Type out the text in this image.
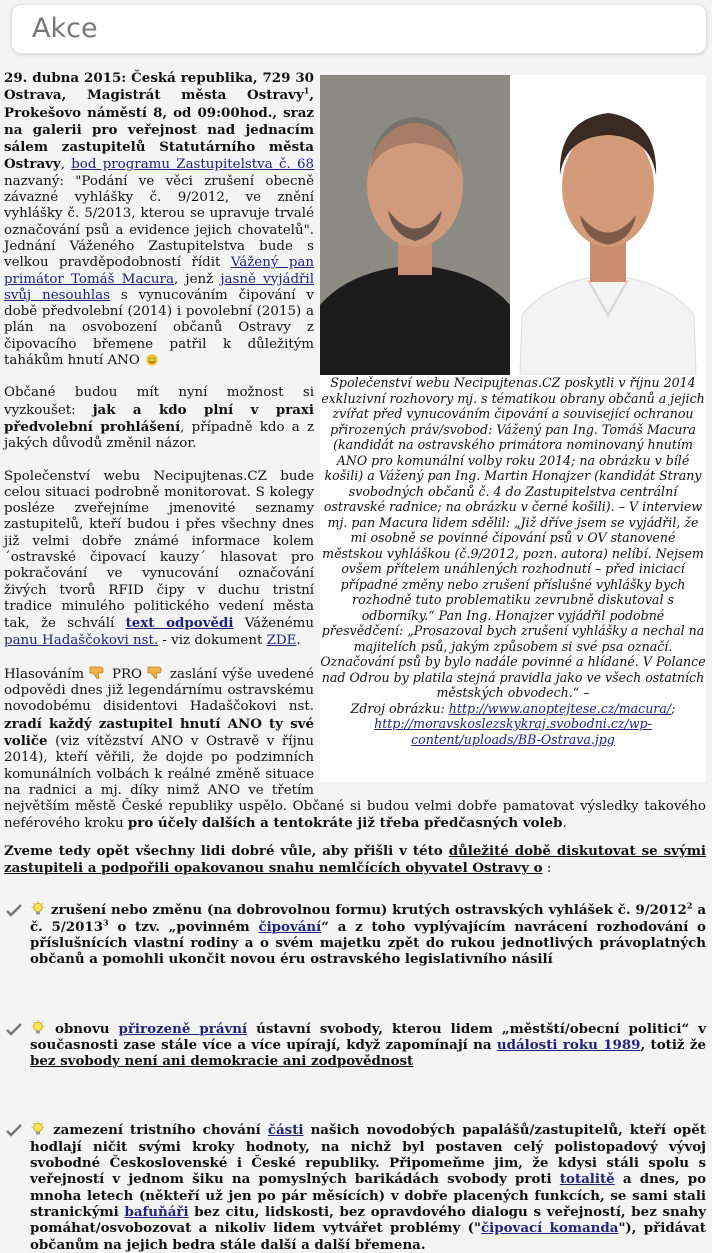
Akce
Společenství webu Necipujtenas.CZ poskytli v říjnu 2014 exkluzivní rozhovory mj. s tématikou obrany občanů a jejich zvířat před vynucováním čipování a související ochranou přirozených práv/svobod: Vážený pan Ing. Tomáš Macura (kandidát na ostravského primátora nominovaný hnutím ANO pro komunální volby roku 2014; na obrázku v bílé košili) a Vážený pan Ing. Martin Honajzer (kandidát Strany svobodných občanů č. 4 do Zastupitelstva centrální ostravské radnice; na obrázku v černé košili). – V interview mj. pan Macura lidem sdělil: „Již dříve jsem se vyjádřil, že mi osobně se povinné čipování psů v OV stanovené městskou vyhláškou (č.9/2012, pozn. autora) nelíbí. Nejsem ovšem přítelem unáhlených rozhodnutí – před iniciací případné změny nebo zrušení příslušné vyhlášky bych rozhodně tuto problematiku zevrubně diskutoval s odborníky.“ Pan Ing. Honajzer vyjádřil podobné přesvědčení: „Prosazoval bych zrušení vyhlášky a nechal na majitelích psů, jakým způsobem si své psa označí. Označování psů by bylo nadále povinné a hlídané. V Polance nad Odrou by platila stejná pravidla jako ve všech ostatních městských obvodech.“ –
Zdroj obrázku: http://www.anoptejtese.cz/macura/; http://moravskoslezskykraj.svobodni.cz/wp-content/uploads/BB-Ostrava.jpg

29. dubna 2015: Česká republika, 729 30 Ostrava, Magistrát města Ostravy$^1$, Prokešovo náměstí 8, od 09:00hod., sraz na galerii pro veřejnost nad jednacím sálem zastupitelů Statutárního města Ostravy, bod programu Zastupitelstva č. 68 nazvaný: "Podání ve věci zrušení obecně závazné vyhlášky č. 9/2012, ve znění vyhlášky č. 5/2013, kterou se upravuje trvalé označování psů a evidence jejich chovatelů". Jednání Váženého Zastupitelstva bude s velkou pravděpodobností řídit Vážený pan primátor Tomáš Macura, jenž jasně vyjádřil svůj nesouhlas s vynucováním čipování v době předvolební (2014) i povolební (2015) a plán na osvobození občanů Ostravy z čipovacího břemene patřil k důležitým tahákům hnutí ANO

Občané budou mít nyní možnost si vyzkoušet: jak a kdo plní v praxi předvolební prohlášení, případně kdo a z jakých důvodů změnil názor.

Společenství webu Necipujtenas.CZ bude celou situaci podrobně monitorovat. S kolegy posléze zveřejníme jmenovité seznamy zastupitelů, kteří budou i přes všechny dnes již velmi dobře známé informace kolem ´ostravské čipovací kauzy´ hlasovat pro pokračování ve vynucování označování živých tvorů RFID čipy v duchu tristní tradice minulého politického vedení města tak, že schválí text odpovědi Váženému panu Hadaščokovi nst. - viz dokument ZDE.

Hlasováním  PRO  zaslání výše uvedené odpovědi dnes již legendárnímu ostravskému novodobému disidentovi Hadaščokovi nst. zradí každý zastupitel hnutí ANO ty své voliče (viz vítězství ANO v Ostravě v říjnu 2014), kteří věřili, že dojde po podzimních komunálních volbách k reálné změně situace na radnici a mj. díky nimž ANO ve třetím největším městě České republiky uspělo. Občané si budou velmi dobře pamatovat výsledky takového neférového kroku pro účely dalších a tentokráte již třeba předčasných voleb.

Zveme tedy opět všechny lidi dobré vůle, aby přišli v této důležité době diskutovat se svými zastupiteli a podpořili opakovanou snahu nemlčících obyvatel Ostravy o :

zrušení nebo změnu (na dobrovolnou formu) krutých ostravských vyhlášek č. 9/2012$^2$ a č. 5/2013$^3$ o tzv. „povinném čipování“ a z toho vyplývajícím navrácení rozhodování o příslušnících vlastní rodiny a o svém majetku zpět do rukou jednotlivých právoplatných občanů a pomohli ukončit novou éru ostravského legislativního násilí
obnovu přirozeně právní ústavní svobody, kterou lidem „městští/obecní politici“ v současnosti zase stále více a více upírají, když zapomínají na události roku 1989, totiž že bez svobody není ani demokracie ani zodpovědnost
zamezení tristního chování části našich novodobých papalášů/zastupitelů, kteří opět hodlají ničit svými kroky hodnoty, na nichž byl postaven celý polistopadový vývoj svobodné Československé i České republiky. Připomeňme jim, že kdysi stáli spolu s veřejností v jednom šiku na pomyslných barikádách svobody proti totalitě a dnes, po mnoha letech (někteří už jen po pár měsících) v dobře placených funkcích, se sami stali stranickými bafuňáři bez citu, lidskosti, bez opravdového dialogu s veřejností, bez snahy pomáhat/osvobozovat a nikoliv lidem vytvářet problémy ("čipovací komanda"), přidávat občanům na jejich bedra stále další a další břemena.
